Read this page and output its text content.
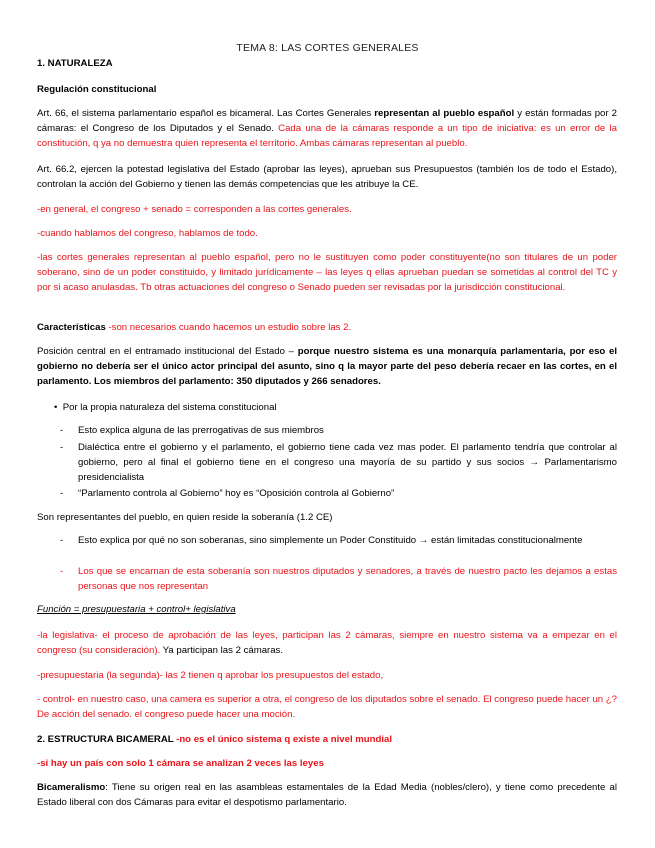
TEMA 8: LAS CORTES GENERALES
1. NATURALEZA
Regulación constitucional
Art. 66, el sistema parlamentario español es bicameral. Las Cortes Generales representan al pueblo español y están formadas por 2 cámaras: el Congreso de los Diputados y el Senado. Cada una de la cámaras responde a un tipo de iniciativa: es un error de la constitución, q ya no demuestra quien representa el territorio. Ambas cámaras representan al pueblo.
Art. 66.2, ejercen la potestad legislativa del Estado (aprobar las leyes), aprueban sus Presupuestos (también los de todo el Estado), controlan la acción del Gobierno y tienen las demás competencias que les atribuye la CE.
-en general, el congreso + senado = corresponden a las cortes generales.
-cuando hablamos del congreso, hablamos de todo.
-las cortes generales representan al pueblo español, pero no le sustituyen como poder constituyente(no son titulares de un poder soberano, sino de un poder constituido, y limitado jurídicamente – las leyes q ellas aprueban puedan se sometidas al control del TC y por si acaso anulasdas. Tb otras actuaciones del congreso o Senado pueden ser revisadas por la jurisdicción constitucional.
Características -son necesarios cuando hacemos un estudio sobre las 2.
Posición central en el entramado institucional del Estado – porque nuestro sistema es una monarquía parlamentaria, por eso el gobierno no debería ser el único actor principal del asunto, sino q la mayor parte del peso debería recaer en las cortes, en el parlamento. Los miembros del parlamento: 350 diputados y 266 senadores.
• Por la propia naturaleza del sistema constitucional
- Esto explica alguna de las prerrogativas de sus miembros
- Dialéctica entre el gobierno y el parlamento, el gobierno tiene cada vez mas poder. El parlamento tendría que controlar al gobierno, pero al final el gobierno tiene en el congreso una mayoría de su partido y sus socios → Parlamentarismo presidencialista
- “Parlamento controla al Gobierno” hoy es “Oposición controla al Gobierno”
Son representantes del pueblo, en quien reside la soberanía (1.2 CE)
- Esto explica por qué no son soberanas, sino simplemente un Poder Constituido → están limitadas constitucionalmente
- Los que se encarnan de esta soberanía son nuestros diputados y senadores, a través de nuestro pacto les dejamos a estas personas que nos representan
Función = presupuestaria + control+ legislativa
-la legislativa- el proceso de aprobación de las leyes, participan las 2 cámaras, siempre en nuestro sistema va a empezar en el congreso (su consideración). Ya participan las 2 cámaras.
-presupuestaria (la segunda)- las 2 tienen q aprobar los presupuestos del estado,
- control- en nuestro caso, una camera es superior a otra, el congreso de los diputados sobre el senado. El congreso puede hacer un ¿? De acción del senado. el congreso puede hacer una moción.
2. ESTRUCTURA BICAMERAL -no es el único sistema q existe a nivel mundial
-si hay un país con solo 1 cámara se analizan 2 veces las leyes
Bicameralismo: Tiene su origen real en las asambleas estamentales de la Edad Media (nobles/clero), y tiene como precedente al Estado liberal con dos Cámaras para evitar el despotismo parlamentario.
